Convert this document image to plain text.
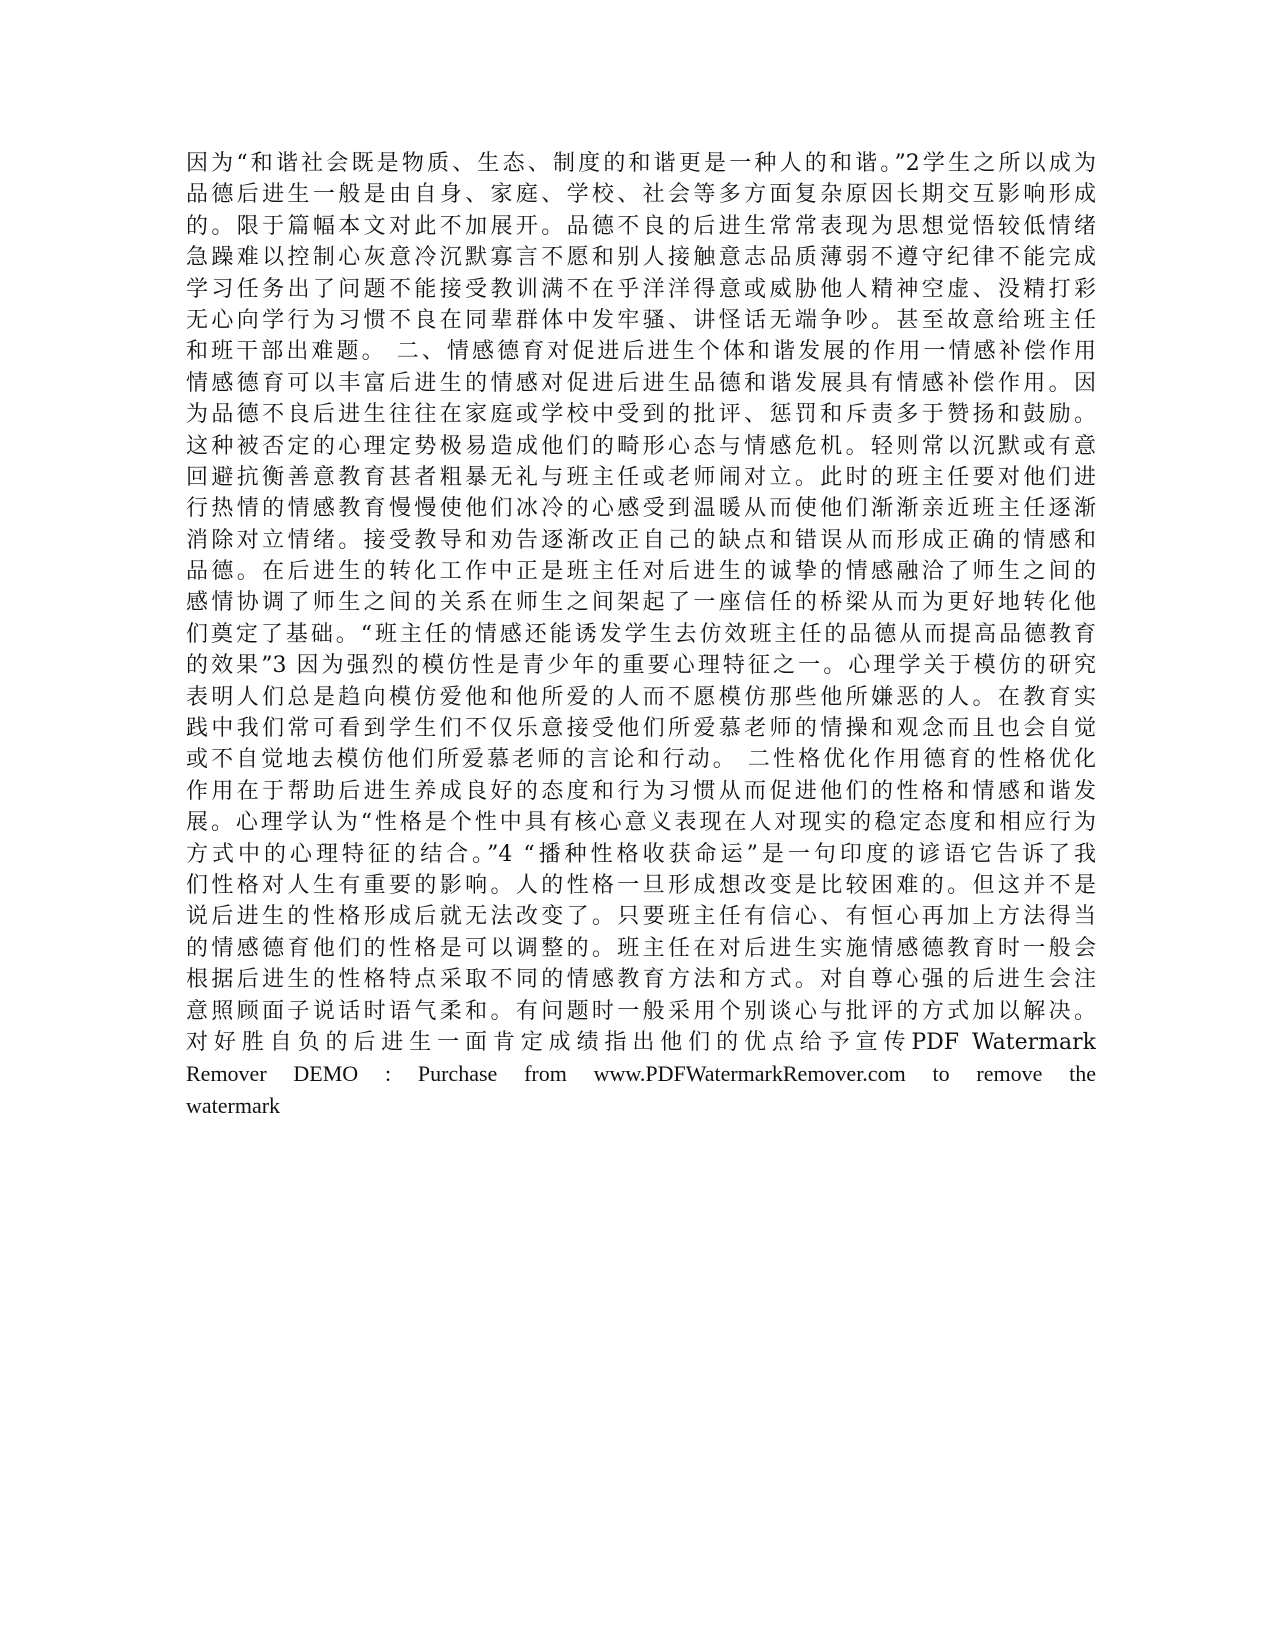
因为“和谐社会既是物质、生态、制度的和谐更是一种人的和谐。”2学生之所以成为
品德后进生一般是由自身、家庭、学校、社会等多方面复杂原因长期交互影响形成
的。限于篇幅本文对此不加展开。品德不良的后进生常常表现为思想觉悟较低情绪
急躁难以控制心灰意冷沉默寡言不愿和别人接触意志品质薄弱不遵守纪律不能完成
学习任务出了问题不能接受教训满不在乎洋洋得意或威胁他人精神空虚、没精打彩
无心向学行为习惯不良在同辈群体中发牢骚、讲怪话无端争吵。甚至故意给班主任
和班干部出难题。 二、情感德育对促进后进生个体和谐发展的作用一情感补偿作用
情感德育可以丰富后进生的情感对促进后进生品德和谐发展具有情感补偿作用。因
为品德不良后进生往往在家庭或学校中受到的批评、惩罚和斥责多于赞扬和鼓励。
这种被否定的心理定势极易造成他们的畸形心态与情感危机。轻则常以沉默或有意
回避抗衡善意教育甚者粗暴无礼与班主任或老师闹对立。此时的班主任要对他们进
行热情的情感教育慢慢使他们冰冷的心感受到温暖从而使他们渐渐亲近班主任逐渐
消除对立情绪。接受教导和劝告逐渐改正自己的缺点和错误从而形成正确的情感和
品德。在后进生的转化工作中正是班主任对后进生的诚挚的情感融洽了师生之间的
感情协调了师生之间的关系在师生之间架起了一座信任的桥梁从而为更好地转化他
们奠定了基础。“班主任的情感还能诱发学生去仿效班主任的品德从而提高品德教育
的效果”3 因为强烈的模仿性是青少年的重要心理特征之一。心理学关于模仿的研究
表明人们总是趋向模仿爱他和他所爱的人而不愿模仿那些他所嫌恶的人。在教育实
践中我们常可看到学生们不仅乐意接受他们所爱慕老师的情操和观念而且也会自觉
或不自觉地去模仿他们所爱慕老师的言论和行动。 二性格优化作用德育的性格优化
作用在于帮助后进生养成良好的态度和行为习惯从而促进他们的性格和情感和谐发
展。心理学认为“性格是个性中具有核心意义表现在人对现实的稳定态度和相应行为
方式中的心理特征的结合。”4 “播种性格收获命运”是一句印度的谚语它告诉了我
们性格对人生有重要的影响。人的性格一旦形成想改变是比较困难的。但这并不是
说后进生的性格形成后就无法改变了。只要班主任有信心、有恒心再加上方法得当
的情感德育他们的性格是可以调整的。班主任在对后进生实施情感德教育时一般会
根据后进生的性格特点采取不同的情感教育方法和方式。对自尊心强的后进生会注
意照顾面子说话时语气柔和。有问题时一般采用个别谈心与批评的方式加以解决。
对好胜自负的后进生一面肯定成绩指出他们的优点给予宣传PDF Watermark
Remover DEMO : Purchase from www.PDFWatermarkRemover.com to remove the
watermark
